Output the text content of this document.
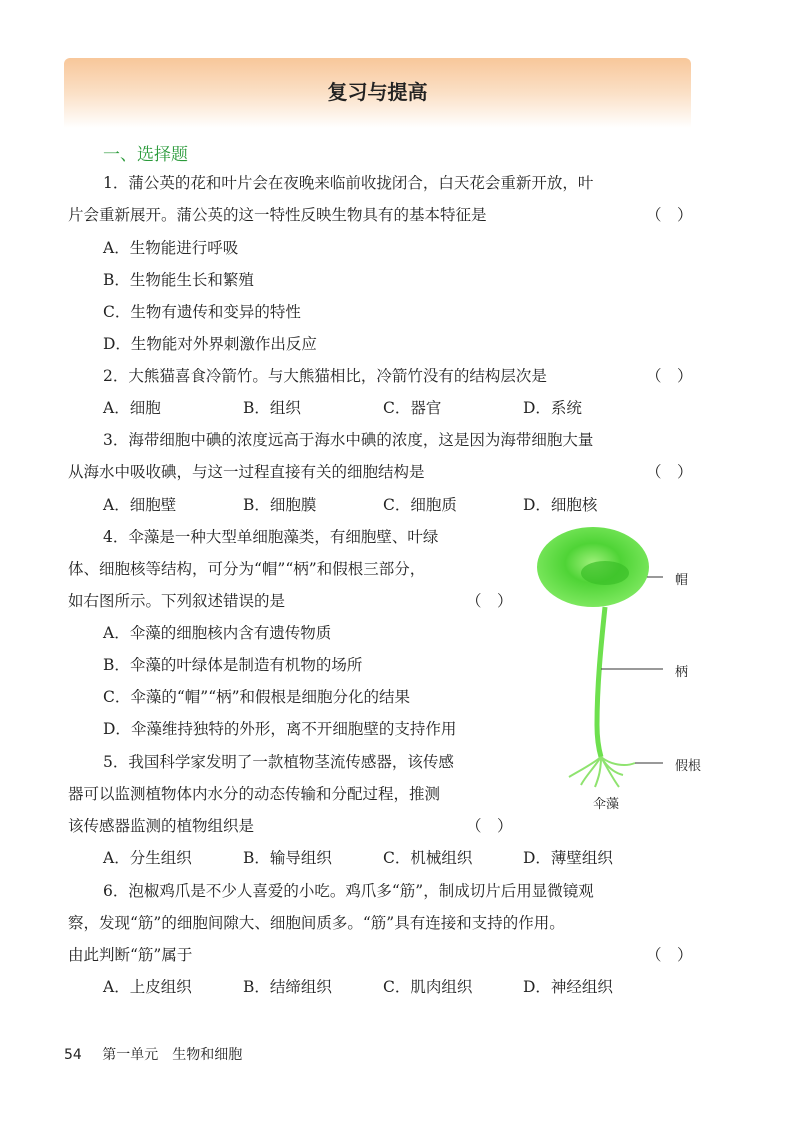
复习与提高
一、选择题
1．蒲公英的花和叶片会在夜晚来临前收拢闭合，白天花会重新开放，叶
片会重新展开。蒲公英的这一特性反映生物具有的基本特征是	（　）
A．生物能进行呼吸
B．生物能生长和繁殖
C．生物有遗传和变异的特性
D．生物能对外界刺激作出反应
2．大熊猫喜食冷箭竹。与大熊猫相比，冷箭竹没有的结构层次是	（　）
A．细胞	B．组织	C．器官	D．系统
3．海带细胞中碘的浓度远高于海水中碘的浓度，这是因为海带细胞大量
从海水中吸收碘，与这一过程直接有关的细胞结构是	（　）
A．细胞壁	B．细胞膜	C．细胞质	D．细胞核
4．伞藻是一种大型单细胞藻类，有细胞壁、叶绿
体、细胞核等结构，可分为“帽”“柄”和假根三部分，
如右图所示。下列叙述错误的是	（　）
A．伞藻的细胞核内含有遗传物质
B．伞藻的叶绿体是制造有机物的场所
C．伞藻的“帽”“柄”和假根是细胞分化的结果
D．伞藻维持独特的外形，离不开细胞壁的支持作用
5．我国科学家发明了一款植物茎流传感器，该传感
器可以监测植物体内水分的动态传输和分配过程，推测
该传感器监测的植物组织是	（　）
A．分生组织	B．输导组织	C．机械组织	D．薄壁组织
6．泡椒鸡爪是不少人喜爱的小吃。鸡爪多“筋”，制成切片后用显微镜观
察，发现“筋”的细胞间隙大、细胞间质多。“筋”具有连接和支持的作用。
由此判断“筋”属于	（　）
A．上皮组织	B．结缔组织	C．肌肉组织	D．神经组织
帽
柄
假根
伞藻
54 第一单元　生物和细胞
